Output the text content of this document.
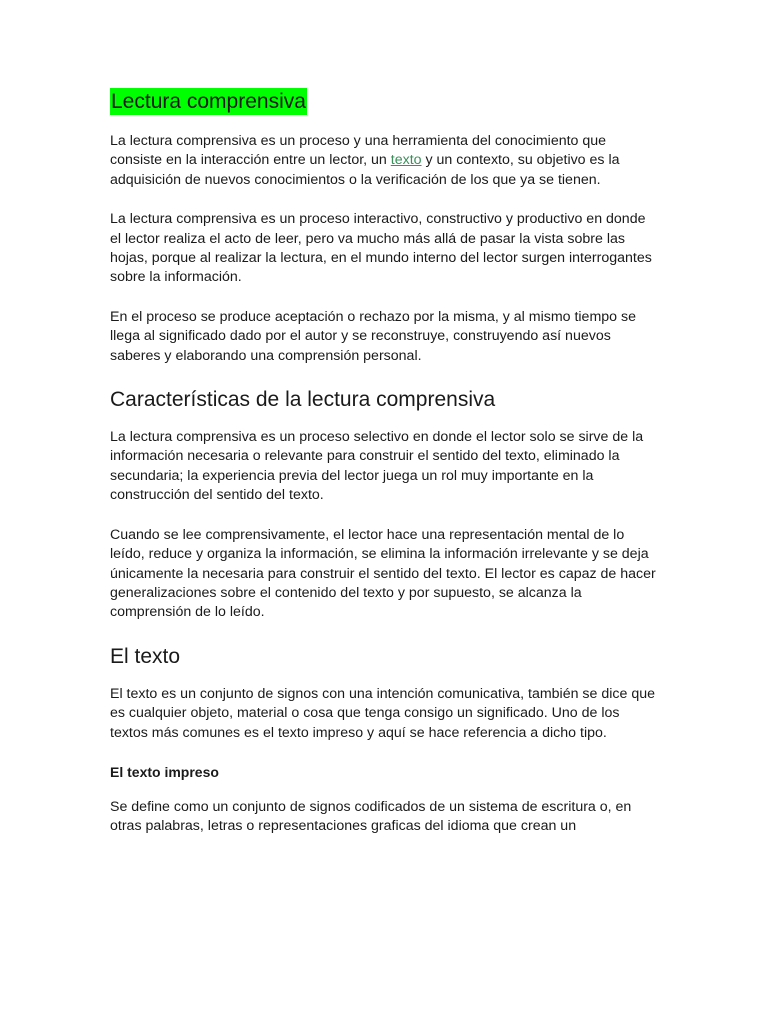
Lectura comprensiva

La lectura comprensiva es un proceso y una herramienta del conocimiento que consiste en la interacción entre un lector, un texto y un contexto, su objetivo es la adquisición de nuevos conocimientos o la verificación de los que ya se tienen.

La lectura comprensiva es un proceso interactivo, constructivo y productivo en donde el lector realiza el acto de leer, pero va mucho más allá de pasar la vista sobre las hojas, porque al realizar la lectura, en el mundo interno del lector surgen interrogantes sobre la información.

En el proceso se produce aceptación o rechazo por la misma, y al mismo tiempo se llega al significado dado por el autor y se reconstruye, construyendo así nuevos saberes y elaborando una comprensión personal.

Características de la lectura comprensiva

La lectura comprensiva es un proceso selectivo en donde el lector solo se sirve de la información necesaria o relevante para construir el sentido del texto, eliminado la secundaria; la experiencia previa del lector juega un rol muy importante en la construcción del sentido del texto.

Cuando se lee comprensivamente, el lector hace una representación mental de lo leído, reduce y organiza la información, se elimina la información irrelevante y se deja únicamente la necesaria para construir el sentido del texto. El lector es capaz de hacer generalizaciones sobre el contenido del texto y por supuesto, se alcanza la comprensión de lo leído.

El texto

El texto es un conjunto de signos con una intención comunicativa, también se dice que es cualquier objeto, material o cosa que tenga consigo un significado. Uno de los textos más comunes es el texto impreso y aquí se hace referencia a dicho tipo.

El texto impreso

Se define como un conjunto de signos codificados de un sistema de escritura o, en otras palabras, letras o representaciones graficas del idioma que crean un
